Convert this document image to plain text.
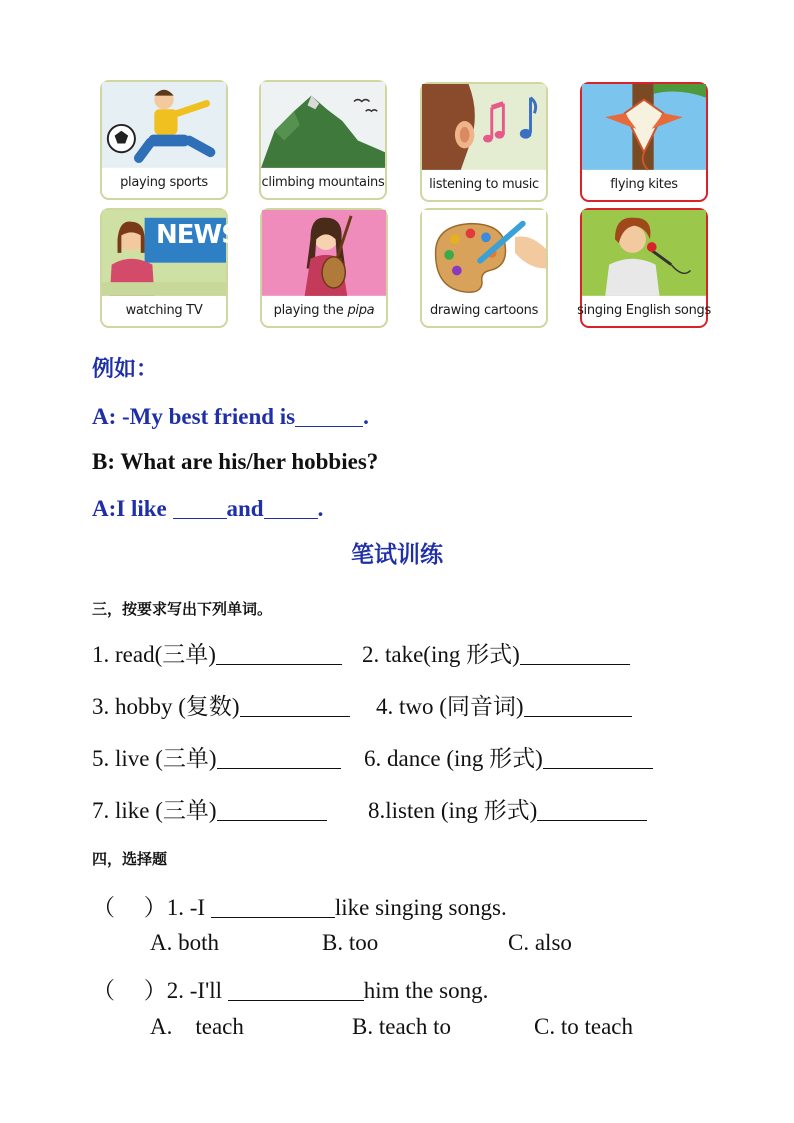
playing sports	climbing mountains	listening to music	flying kites
NEWS
watching TV	playing the pipa	drawing cartoons	singing English songs
例如：
A: -My best friend is	.
B: What are his/her hobbies?
A:I like	and .
笔试训练
三，按要求写出下列单词。
1. read(三单)	2. take(ing 形式)
3. hobby (复数)	4. two (同音词)
5. live (三单)	6. dance (ing 形式)
7. like (三单)	8.listen (ing 形式)
四，选择题
（　 ）1. -I	like singing songs.
A. both	B. too	C. also
（　 ）2. -I'll	him the song.
A.    teach	B. teach to	C. to teach
